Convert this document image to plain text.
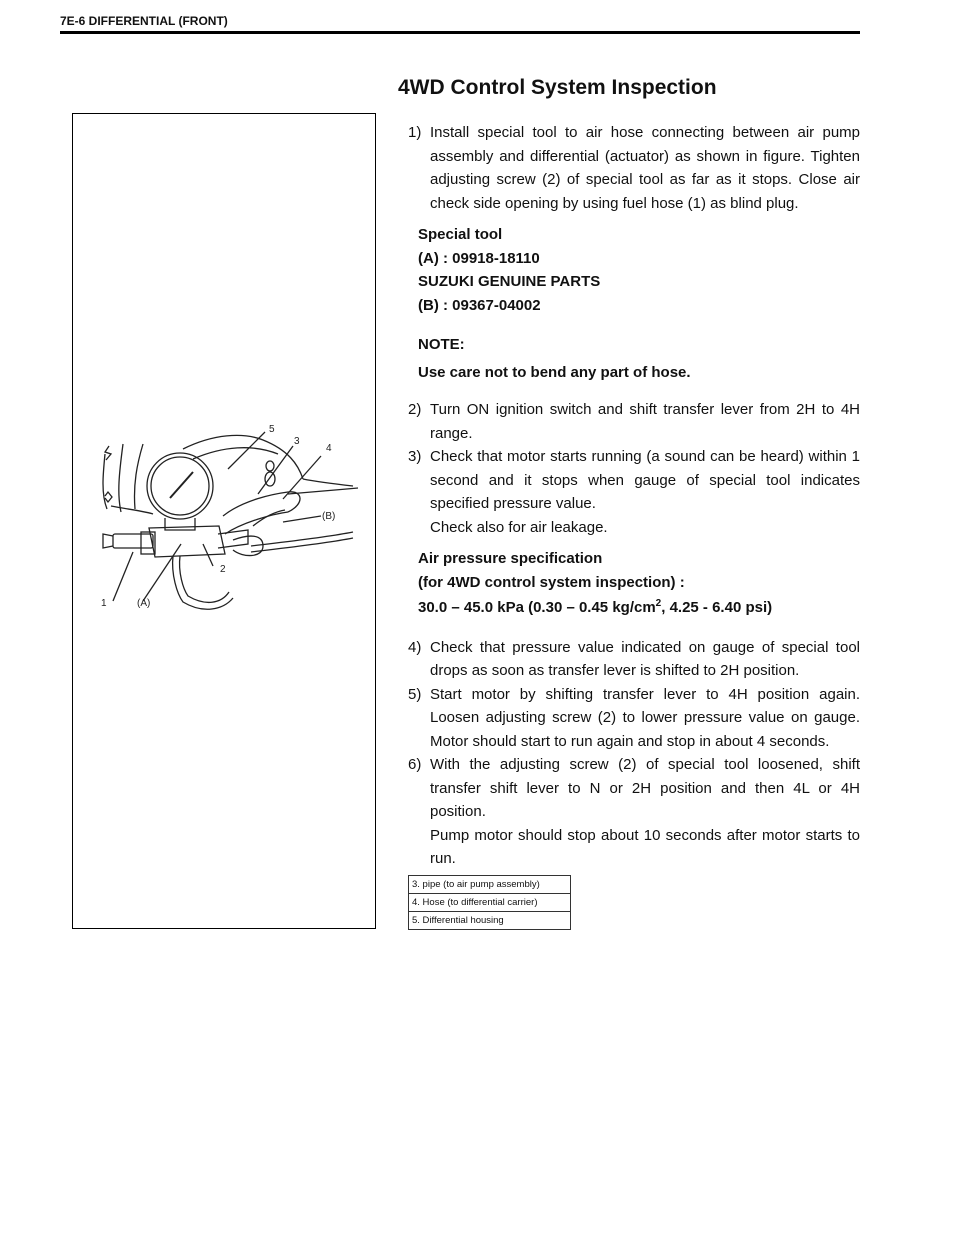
7E-6 DIFFERENTIAL (FRONT)
4WD Control System Inspection
5
3
4
(B)
2
1	(A)
1) Install special tool to air hose connecting between air pump assembly and differential (actuator) as shown in figure. Tighten adjusting screw (2) of special tool as far as it stops. Close air check side opening by using fuel hose (1) as blind plug.
Special tool
(A) : 09918-18110
SUZUKI GENUINE PARTS
(B) : 09367-04002
NOTE:
Use care not to bend any part of hose.
2) Turn ON ignition switch and shift transfer lever from 2H to 4H range.
3) Check that motor starts running (a sound can be heard) within 1 second and it stops when gauge of special tool indicates specified pressure value.
Check also for air leakage.
Air pressure specification
(for 4WD control system inspection) :
30.0 – 45.0 kPa (0.30 – 0.45 $kg/cm^2$, 4.25 - 6.40 psi)
4) Check that pressure value indicated on gauge of special tool drops as soon as transfer lever is shifted to 2H position.
5) Start motor by shifting transfer lever to 4H position again. Loosen adjusting screw (2) to lower pressure value on gauge. Motor should start to run again and stop in about 4 seconds.
6) With the adjusting screw (2) of special tool loosened, shift transfer shift lever to N or 2H position and then 4L or 4H position.
Pump motor should stop about 10 seconds after motor starts to run.
3. pipe (to air pump assembly)
4. Hose (to differential carrier)
5. Differential housing
